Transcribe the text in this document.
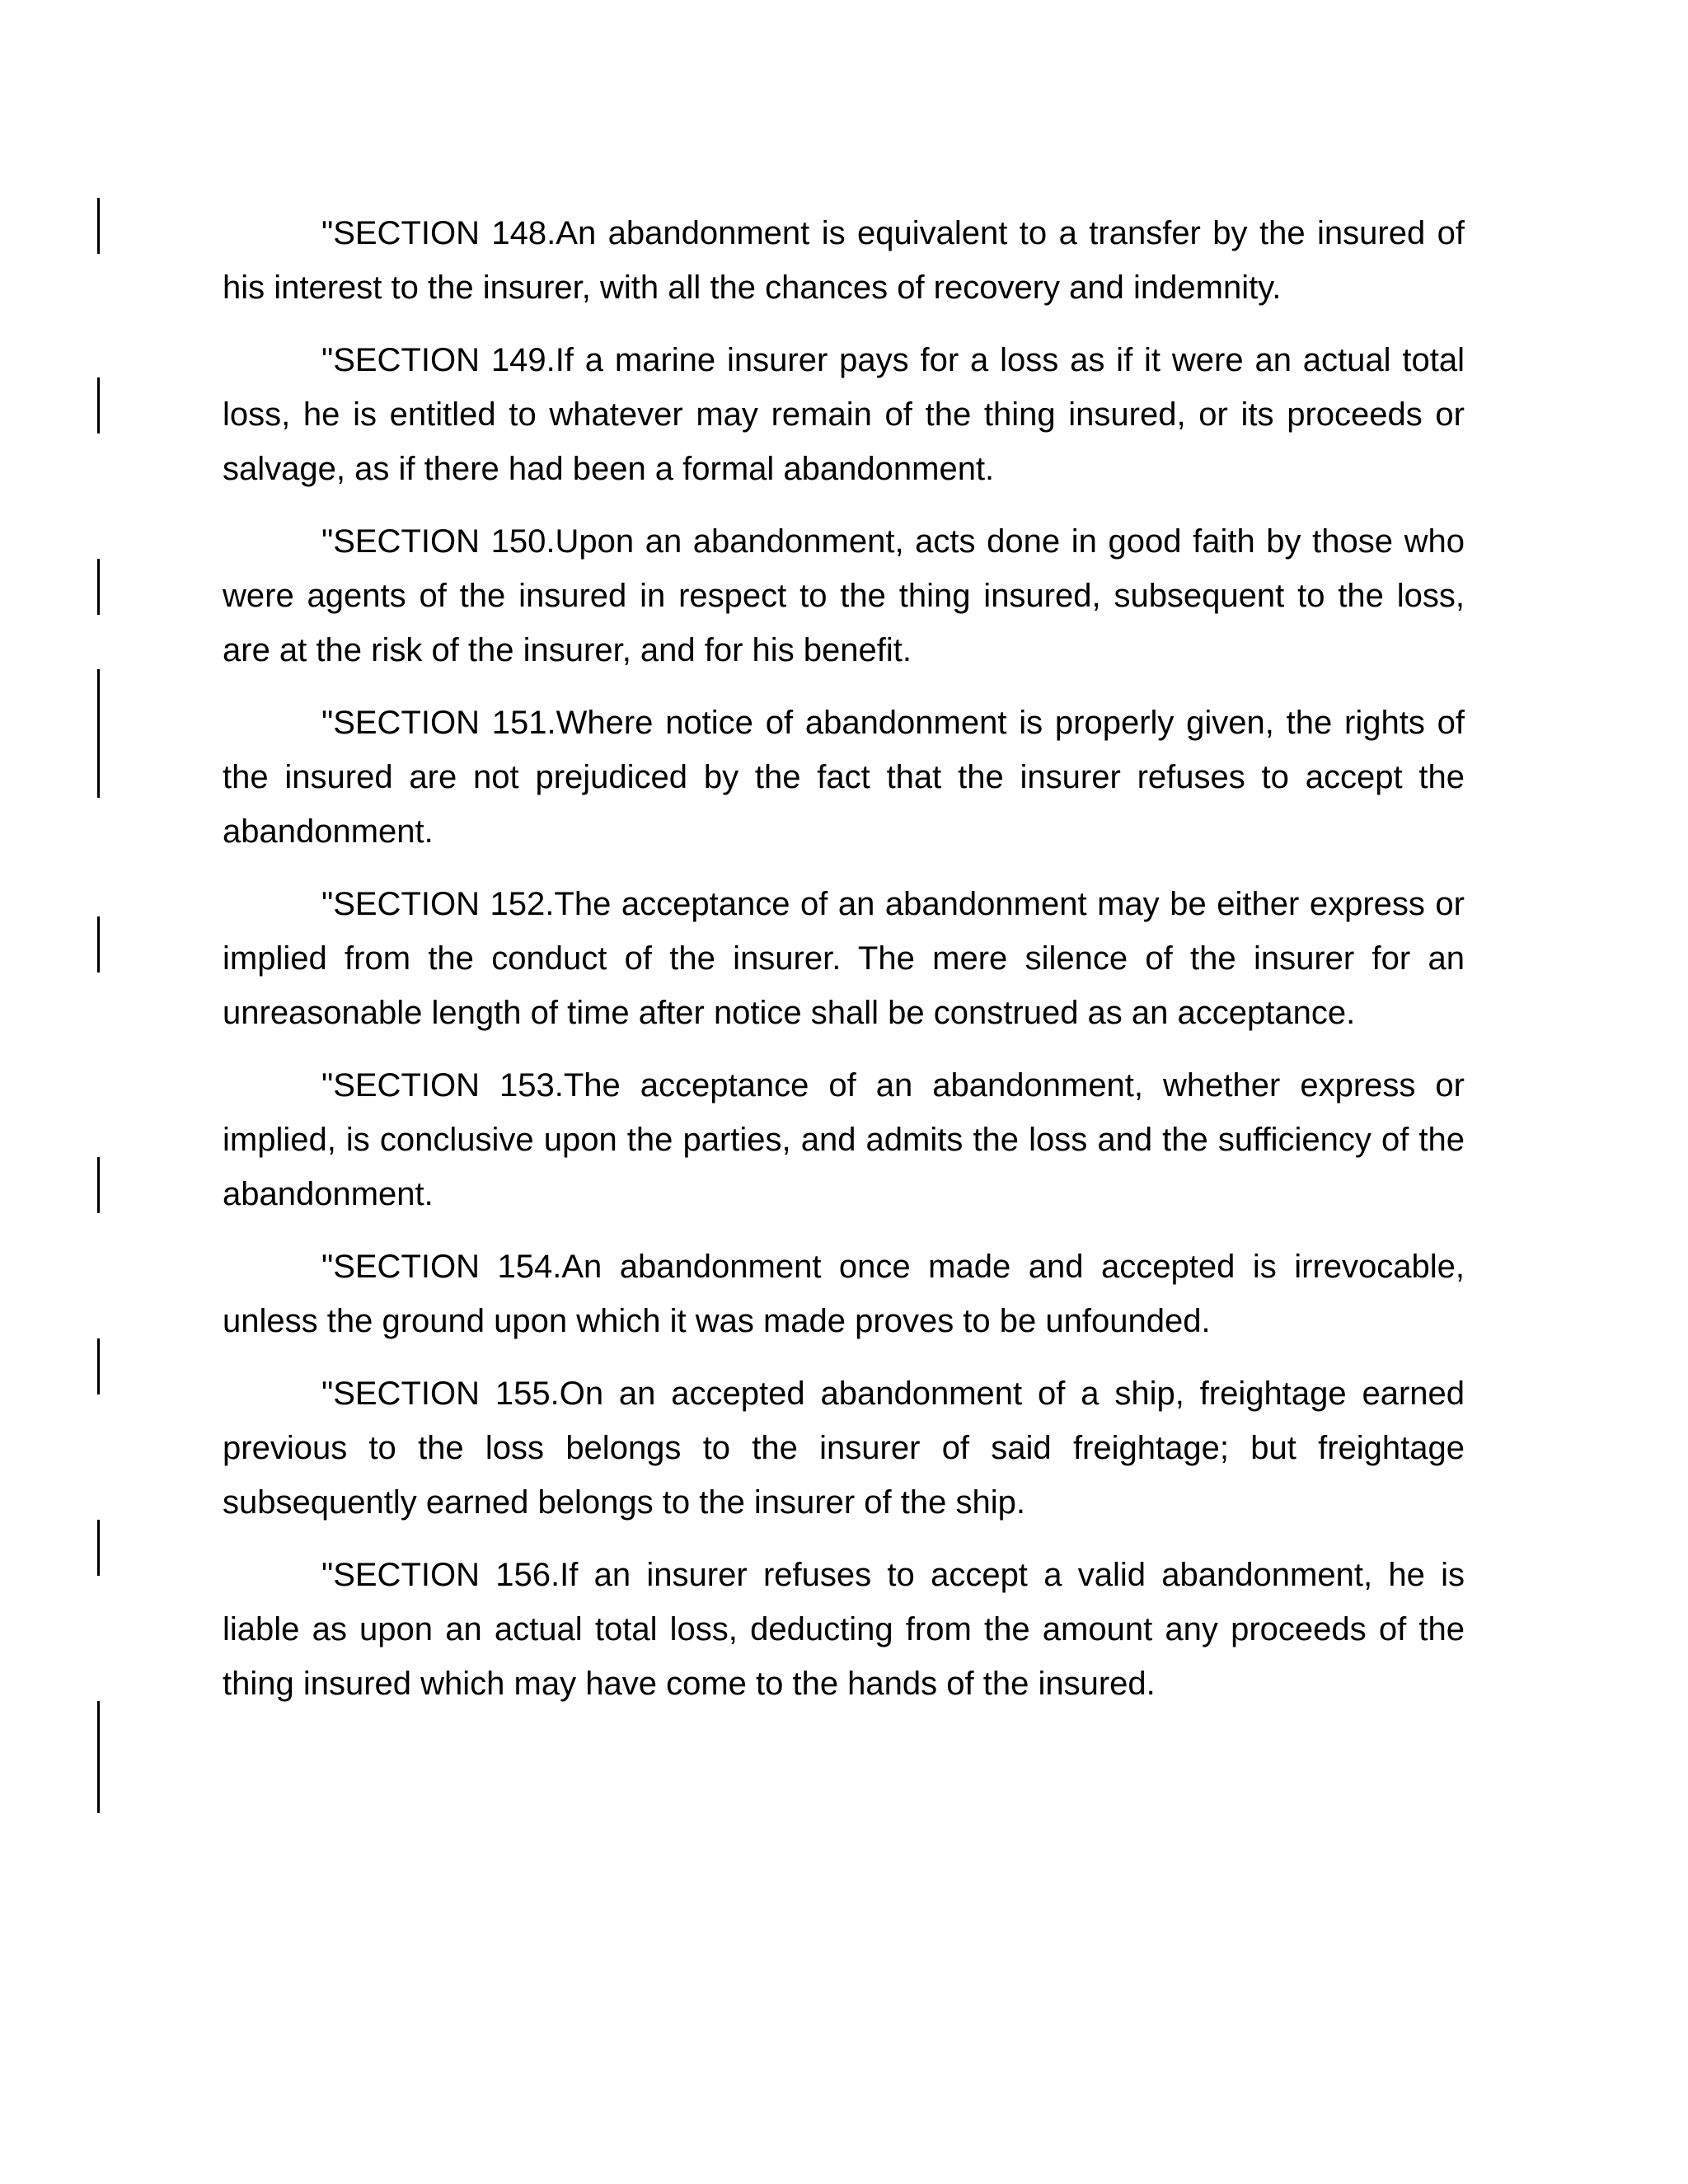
"SECTION 148.An abandonment is equivalent to a transfer by the insured of his interest to the insurer, with all the chances of recovery and indemnity.

"SECTION 149.If a marine insurer pays for a loss as if it were an actual total loss, he is entitled to whatever may remain of the thing insured, or its proceeds or salvage, as if there had been a formal abandonment.

"SECTION 150.Upon an abandonment, acts done in good faith by those who were agents of the insured in respect to the thing insured, subsequent to the loss, are at the risk of the insurer, and for his benefit.

"SECTION 151.Where notice of abandonment is properly given, the rights of the insured are not prejudiced by the fact that the insurer refuses to accept the abandonment.

"SECTION 152.The acceptance of an abandonment may be either express or implied from the conduct of the insurer. The mere silence of the insurer for an unreasonable length of time after notice shall be construed as an acceptance.

"SECTION 153.The acceptance of an abandonment, whether express or implied, is conclusive upon the parties, and admits the loss and the sufficiency of the abandonment.

"SECTION 154.An abandonment once made and accepted is irrevocable, unless the ground upon which it was made proves to be unfounded.

"SECTION 155.On an accepted abandonment of a ship, freightage earned previous to the loss belongs to the insurer of said freightage; but freightage subsequently earned belongs to the insurer of the ship.

"SECTION 156.If an insurer refuses to accept a valid abandonment, he is liable as upon an actual total loss, deducting from the amount any proceeds of the thing insured which may have come to the hands of the insured.
